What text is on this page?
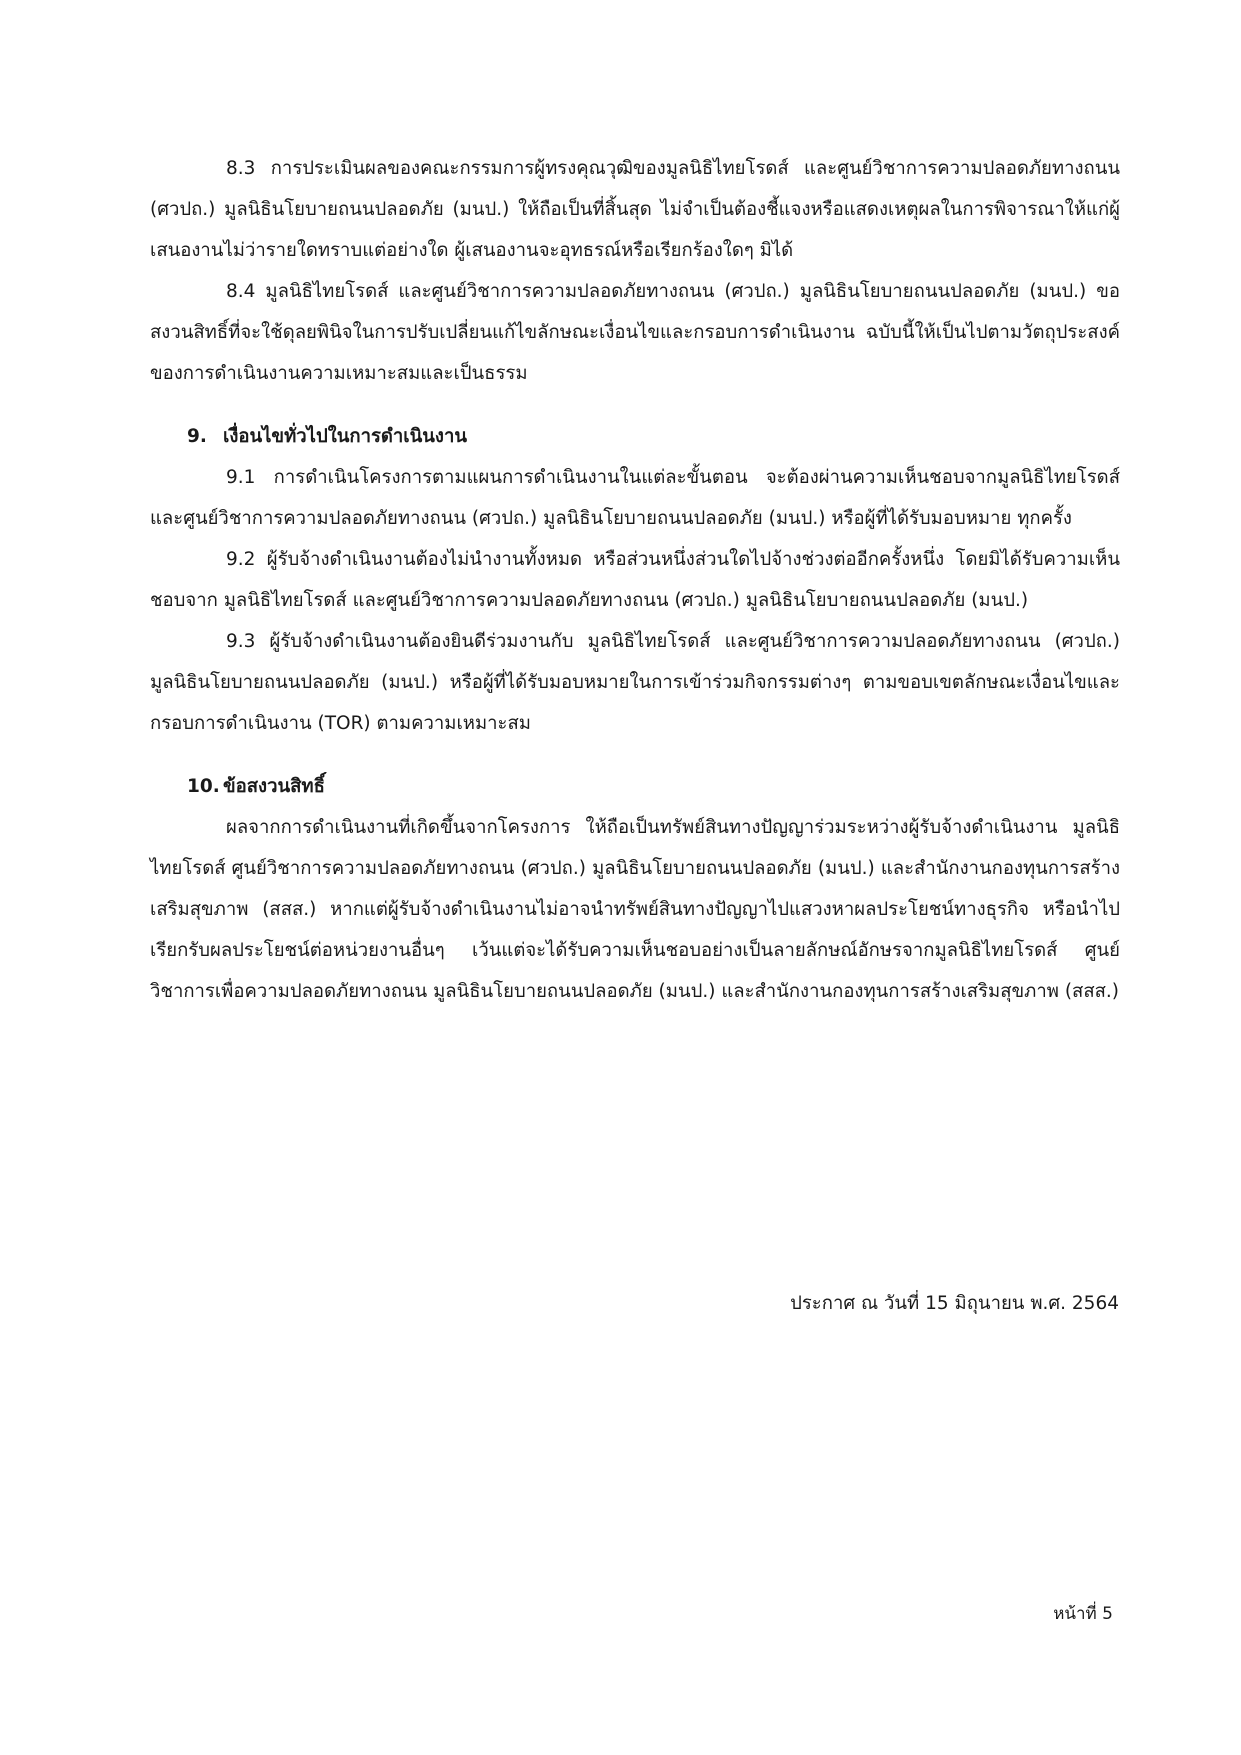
8.3 การประเมินผลของคณะกรรมการผู้ทรงคุณวุฒิของมูลนิธิไทยโรดส์ และศูนย์วิชาการความปลอดภัยทางถนน (ศวปถ.) มูลนิธินโยบายถนนปลอดภัย (มนป.) ให้ถือเป็นที่สิ้นสุด ไม่จำเป็นต้องชี้แจงหรือแสดงเหตุผลในการพิจารณาให้แก่ผู้เสนองานไม่ว่ารายใดทราบแต่อย่างใด ผู้เสนองานจะอุทธรณ์หรือเรียกร้องใดๆ มิได้

8.4 มูลนิธิไทยโรดส์ และศูนย์วิชาการความปลอดภัยทางถนน (ศวปถ.) มูลนิธินโยบายถนนปลอดภัย (มนป.) ขอสงวนสิทธิ์ที่จะใช้ดุลยพินิจในการปรับเปลี่ยนแก้ไขลักษณะเงื่อนไขและกรอบการดำเนินงาน ฉบับนี้ให้เป็นไปตามวัตถุประสงค์ของการดำเนินงานความเหมาะสมและเป็นธรรม

9. เงื่อนไขทั่วไปในการดำเนินงาน

9.1 การดำเนินโครงการตามแผนการดำเนินงานในแต่ละขั้นตอน จะต้องผ่านความเห็นชอบจากมูลนิธิไทยโรดส์ และศูนย์วิชาการความปลอดภัยทางถนน (ศวปถ.) มูลนิธินโยบายถนนปลอดภัย (มนป.) หรือผู้ที่ได้รับมอบหมาย ทุกครั้ง

9.2 ผู้รับจ้างดำเนินงานต้องไม่นำงานทั้งหมด หรือส่วนหนึ่งส่วนใดไปจ้างช่วงต่ออีกครั้งหนึ่ง โดยมิได้รับความเห็นชอบจาก มูลนิธิไทยโรดส์ และศูนย์วิชาการความปลอดภัยทางถนน (ศวปถ.) มูลนิธินโยบายถนนปลอดภัย (มนป.)

9.3 ผู้รับจ้างดำเนินงานต้องยินดีร่วมงานกับ มูลนิธิไทยโรดส์ และศูนย์วิชาการความปลอดภัยทางถนน (ศวปถ.) มูลนิธินโยบายถนนปลอดภัย (มนป.) หรือผู้ที่ได้รับมอบหมายในการเข้าร่วมกิจกรรมต่างๆ ตามขอบเขตลักษณะเงื่อนไขและกรอบการดำเนินงาน (TOR) ตามความเหมาะสม

10. ข้อสงวนสิทธิ์

ผลจากการดำเนินงานที่เกิดขึ้นจากโครงการ ให้ถือเป็นทรัพย์สินทางปัญญาร่วมระหว่างผู้รับจ้างดำเนินงาน มูลนิธิไทยโรดส์ ศูนย์วิชาการความปลอดภัยทางถนน (ศวปถ.) มูลนิธินโยบายถนนปลอดภัย (มนป.) และสำนักงานกองทุนการสร้างเสริมสุขภาพ (สสส.) หากแต่ผู้รับจ้างดำเนินงานไม่อาจนำทรัพย์สินทางปัญญาไปแสวงหาผลประโยชน์ทางธุรกิจ หรือนำไปเรียกรับผลประโยชน์ต่อหน่วยงานอื่นๆ เว้นแต่จะได้รับความเห็นชอบอย่างเป็นลายลักษณ์อักษรจากมูลนิธิไทยโรดส์ ศูนย์วิชาการเพื่อความปลอดภัยทางถนน มูลนิธินโยบายถนนปลอดภัย (มนป.) และสำนักงานกองทุนการสร้างเสริมสุขภาพ (สสส.)

ประกาศ ณ วันที่ 15 มิถุนายน พ.ศ. 2564
หน้าที่ 5
